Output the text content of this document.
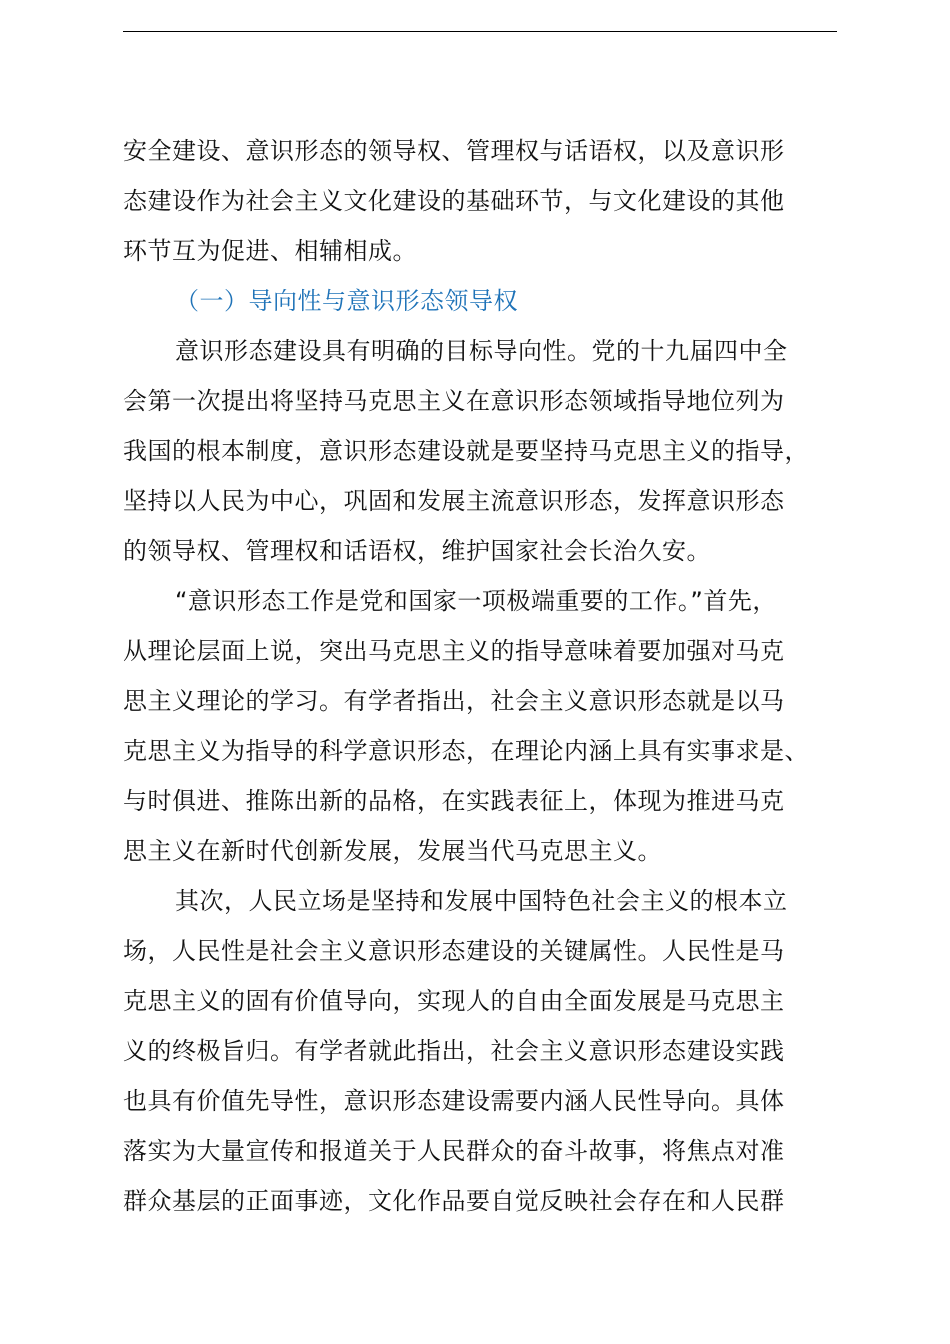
安全建设、意识形态的领导权、管理权与话语权，以及意识形
态建设作为社会主义文化建设的基础环节，与文化建设的其他
环节互为促进、相辅相成。
（一）导向性与意识形态领导权
意识形态建设具有明确的目标导向性。党的十九届四中全
会第一次提出将坚持马克思主义在意识形态领域指导地位列为
我国的根本制度，意识形态建设就是要坚持马克思主义的指导，
坚持以人民为中心，巩固和发展主流意识形态，发挥意识形态
的领导权、管理权和话语权，维护国家社会长治久安。
“意识形态工作是党和国家一项极端重要的工作。”首先，
从理论层面上说，突出马克思主义的指导意味着要加强对马克
思主义理论的学习。有学者指出，社会主义意识形态就是以马
克思主义为指导的科学意识形态，在理论内涵上具有实事求是、
与时俱进、推陈出新的品格，在实践表征上，体现为推进马克
思主义在新时代创新发展，发展当代马克思主义。
其次，人民立场是坚持和发展中国特色社会主义的根本立
场，人民性是社会主义意识形态建设的关键属性。人民性是马
克思主义的固有价值导向，实现人的自由全面发展是马克思主
义的终极旨归。有学者就此指出，社会主义意识形态建设实践
也具有价值先导性，意识形态建设需要内涵人民性导向。具体
落实为大量宣传和报道关于人民群众的奋斗故事，将焦点对准
群众基层的正面事迹，文化作品要自觉反映社会存在和人民群
